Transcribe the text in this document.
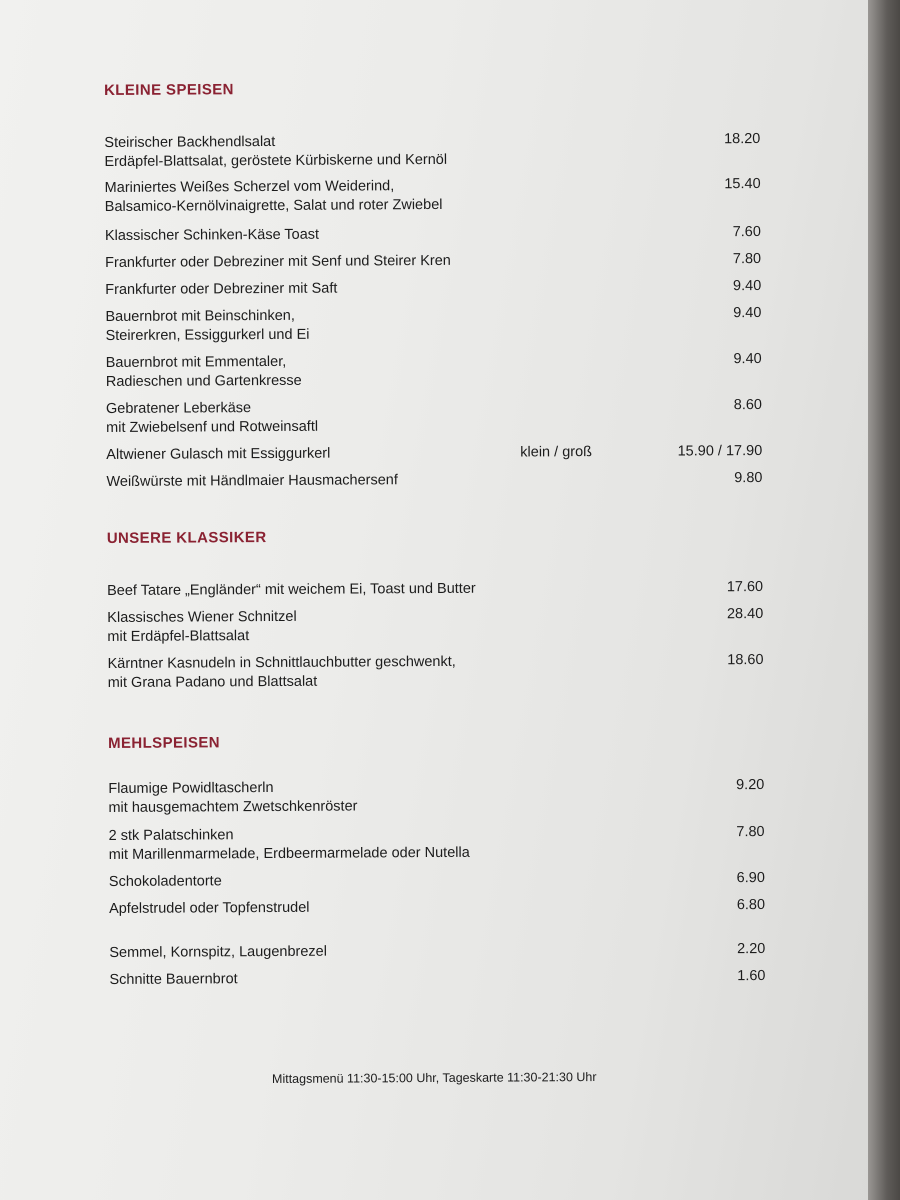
KLEINE SPEISEN
Steirischer Backhendlsalat
Erdäpfel-Blattsalat, geröstete Kürbiskerne und Kernöl
18.20
Mariniertes Weißes Scherzel vom Weiderind,
Balsamico-Kernölvinaigrette, Salat und roter Zwiebel
15.40
Klassischer Schinken-Käse Toast	7.60
Frankfurter oder Debreziner mit Senf und Steirer Kren	7.80
Frankfurter oder Debreziner mit Saft	9.40
Bauernbrot mit Beinschinken,
Steirerkren, Essiggurkerl und Ei
9.40
Bauernbrot mit Emmentaler,
Radieschen und Gartenkresse
9.40
Gebratener Leberkäse
mit Zwiebelsenf und Rotweinsaftl
8.60
Altwiener Gulasch mit Essiggurkerl	klein / groß	15.90 / 17.90
Weißwürste mit Händlmaier Hausmachersenf	9.80
UNSERE KLASSIKER
Beef Tatare „Engländer“ mit weichem Ei, Toast und Butter	17.60
Klassisches Wiener Schnitzel
mit Erdäpfel-Blattsalat
28.40
Kärntner Kasnudeln in Schnittlauchbutter geschwenkt,
mit Grana Padano und Blattsalat
18.60
MEHLSPEISEN
Flaumige Powidltascherln
mit hausgemachtem Zwetschkenröster
9.20
2 stk Palatschinken
mit Marillenmarmelade, Erdbeermarmelade oder Nutella
7.80
Schokoladentorte	6.90
Apfelstrudel oder Topfenstrudel	6.80
Semmel, Kornspitz, Laugenbrezel	2.20
Schnitte Bauernbrot	1.60
Mittagsmenü 11:30-15:00 Uhr, Tageskarte 11:30-21:30 Uhr
